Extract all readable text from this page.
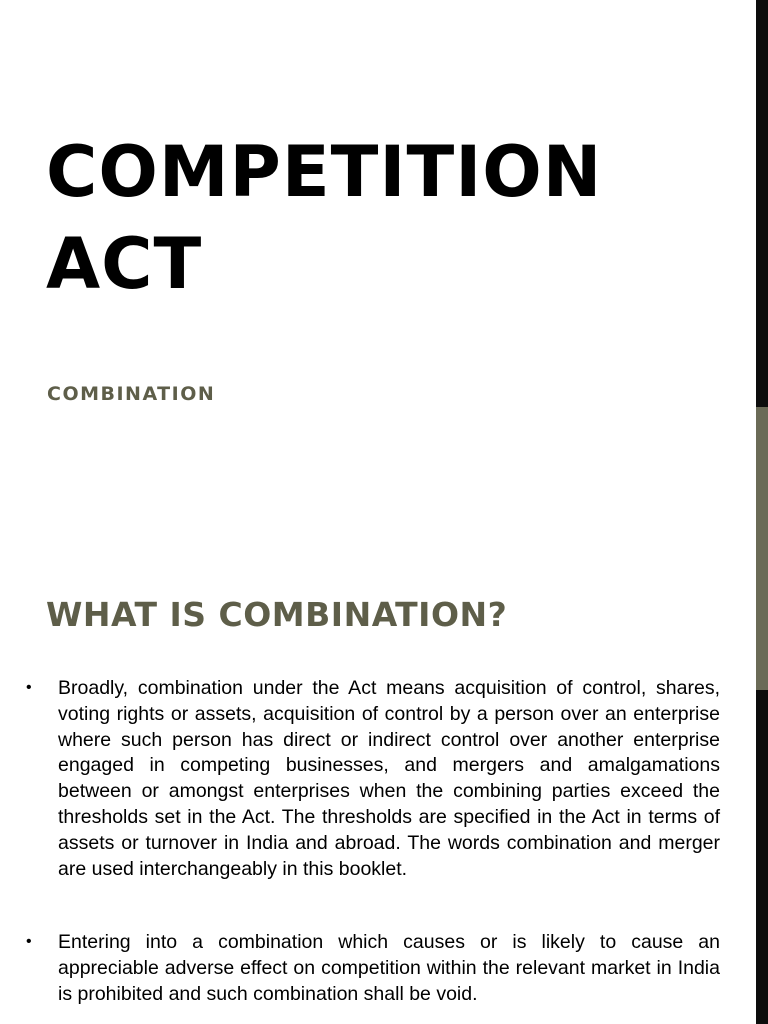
COMPETITION
ACT
COMBINATION
WHAT IS COMBINATION?
• Broadly, combination under the Act means acquisition of control, shares, voting rights or assets, acquisition of control by a person over an enterprise where such person has direct or indirect control over another enterprise engaged in competing businesses, and mergers and amalgamations between or amongst enterprises when the combining parties exceed the thresholds set in the Act. The thresholds are specified in the Act in terms of assets or turnover in India and abroad. The words combination and merger are used interchangeably in this booklet.
• Entering into a combination which causes or is likely to cause an appreciable adverse effect on competition within the relevant market in India is prohibited and such combination shall be void.
